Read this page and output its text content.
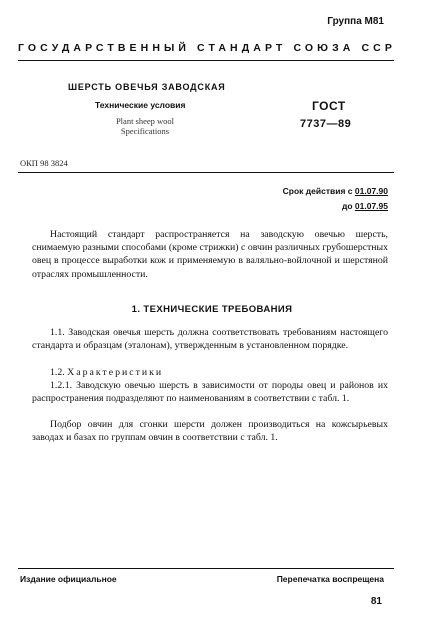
Группа М81
ГОСУДАРСТВЕННЫЙ СТАНДАРТ СОЮЗА ССР
ШЕРСТЬ ОВЕЧЬЯ ЗАВОДСКАЯ
Технические условия
Plant sheep wool
Specifications
ГОСТ
7737—89
ОКП 98 3824
Срок действия с 01.07.90
до 01.07.95
Настоящий стандарт распространяется на заводскую овечью шерсть, снимаемую разными способами (кроме стрижки) с овчин различных грубошерстных овец в процессе выработки кож и применяемую в валяльно-войлочной и шерстяной отраслях промышленности.
1. ТЕХНИЧЕСКИЕ ТРЕБОВАНИЯ
1.1. Заводская овечья шерсть должна соответствовать требованиям настоящего стандарта и образцам (эталонам), утвержденным в установленном порядке.
1.2. Характеристики
1.2.1. Заводскую овечью шерсть в зависимости от породы овец и районов их распространения подразделяют по наименованиям в соответствии с табл. 1.
Подбор овчин для сгонки шерсти должен производиться на кожсырьевых заводах и базах по группам овчин в соответствии с табл. 1.
Издание официальное	Перепечатка воспрещена
81
